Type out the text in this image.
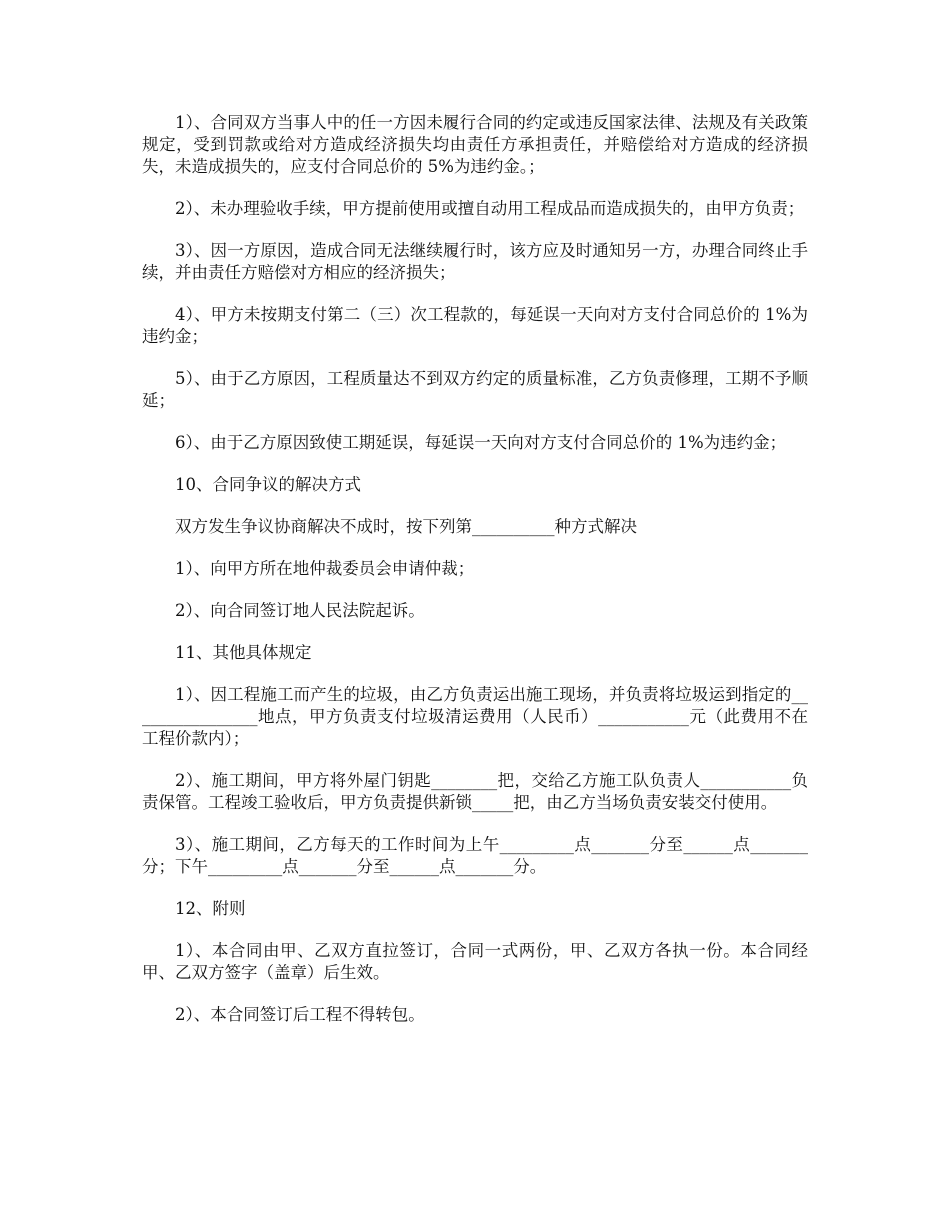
1）、合同双方当事人中的任一方因未履行合同的约定或违反国家法律、法规及有关政策规定，受到罚款或给对方造成经济损失均由责任方承担责任，并赔偿给对方造成的经济损失，未造成损失的，应支付合同总价的 5%为违约金。；

2）、未办理验收手续，甲方提前使用或擅自动用工程成品而造成损失的，由甲方负责；

3）、因一方原因，造成合同无法继续履行时，该方应及时通知另一方，办理合同终止手续，并由责任方赔偿对方相应的经济损失；

4）、甲方未按期支付第二（三）次工程款的，每延误一天向对方支付合同总价的 1%为违约金；

5）、由于乙方原因，工程质量达不到双方约定的质量标准，乙方负责修理，工期不予顺延；

6）、由于乙方原因致使工期延误，每延误一天向对方支付合同总价的 1%为违约金；

10、合同争议的解决方式

双方发生争议协商解决不成时，按下列第__________种方式解决

1）、向甲方所在地仲裁委员会申请仲裁；

2）、向合同签订地人民法院起诉。

11、其他具体规定

1）、因工程施工而产生的垃圾，由乙方负责运出施工现场，并负责将垃圾运到指定的________________地点，甲方负责支付垃圾清运费用（人民币）___________元（此费用不在工程价款内）；

2）、施工期间，甲方将外屋门钥匙________把，交给乙方施工队负责人___________负责保管。工程竣工验收后，甲方负责提供新锁_____把，由乙方当场负责安装交付使用。

3）、施工期间，乙方每天的工作时间为上午_________点_______分至______点_______分；下午_________点_______分至______点_______分。

12、附则

1）、本合同由甲、乙双方直拉签订，合同一式两份，甲、乙双方各执一份。本合同经甲、乙双方签字（盖章）后生效。

2）、本合同签订后工程不得转包。
